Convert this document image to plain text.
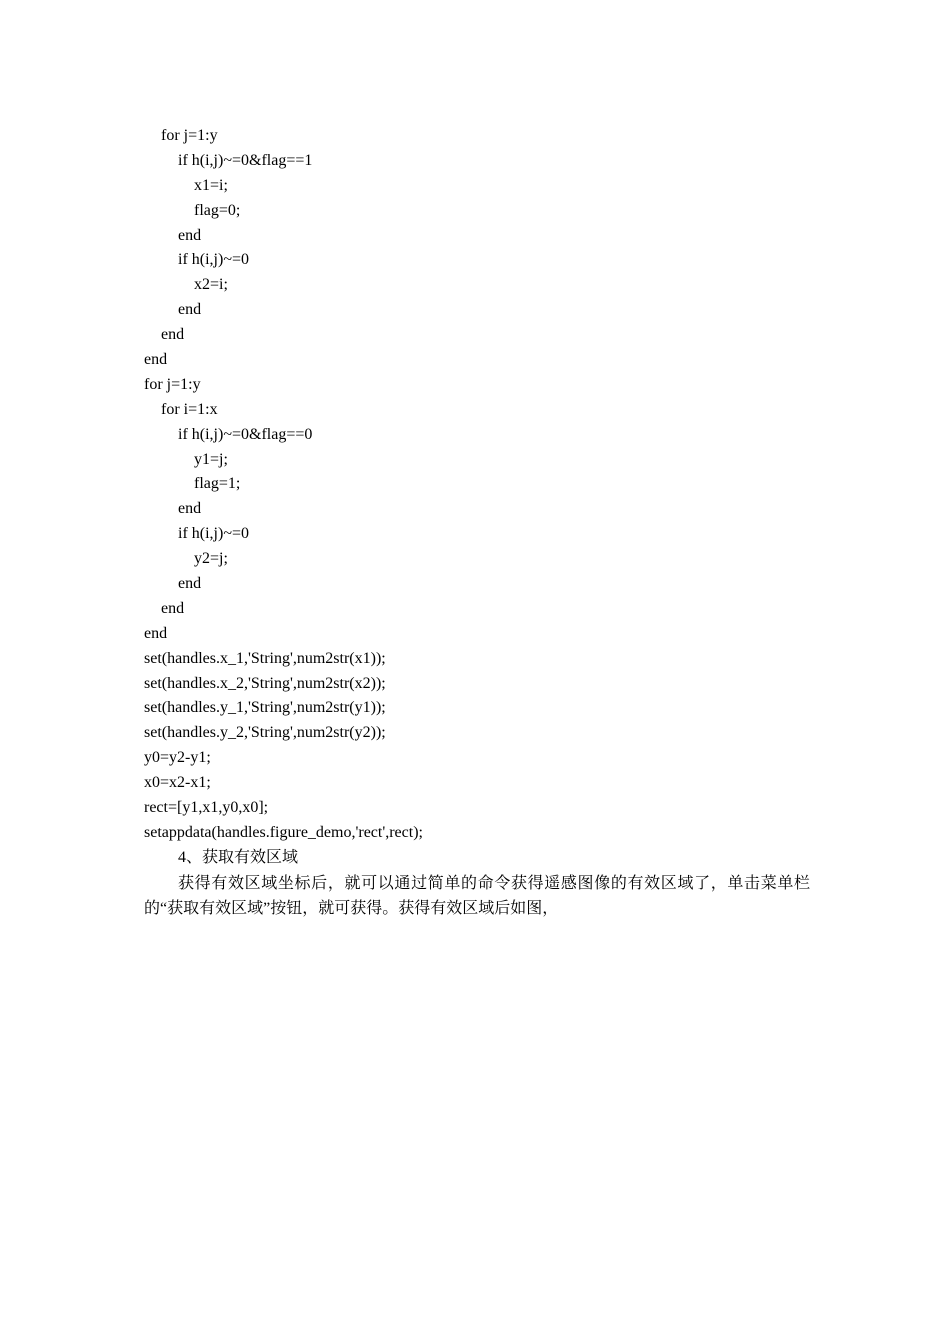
for j=1:y
if h(i,j)~=0&flag==1
x1=i;
flag=0;
end
if h(i,j)~=0
x2=i;
end
end
end
for j=1:y
for i=1:x
if h(i,j)~=0&flag==0
y1=j;
flag=1;
end
if h(i,j)~=0
y2=j;
end
end
end
set(handles.x_1,'String',num2str(x1));
set(handles.x_2,'String',num2str(x2));
set(handles.y_1,'String',num2str(y1));
set(handles.y_2,'String',num2str(y2));
y0=y2-y1;
x0=x2-x1;
rect=[y1,x1,y0,x0];
setappdata(handles.figure_demo,'rect',rect);
4、获取有效区域
获得有效区域坐标后，就可以通过简单的命令获得遥感图像的有效区域了，单击菜单栏的“获取有效区域”按钮，就可获得。获得有效区域后如图，
